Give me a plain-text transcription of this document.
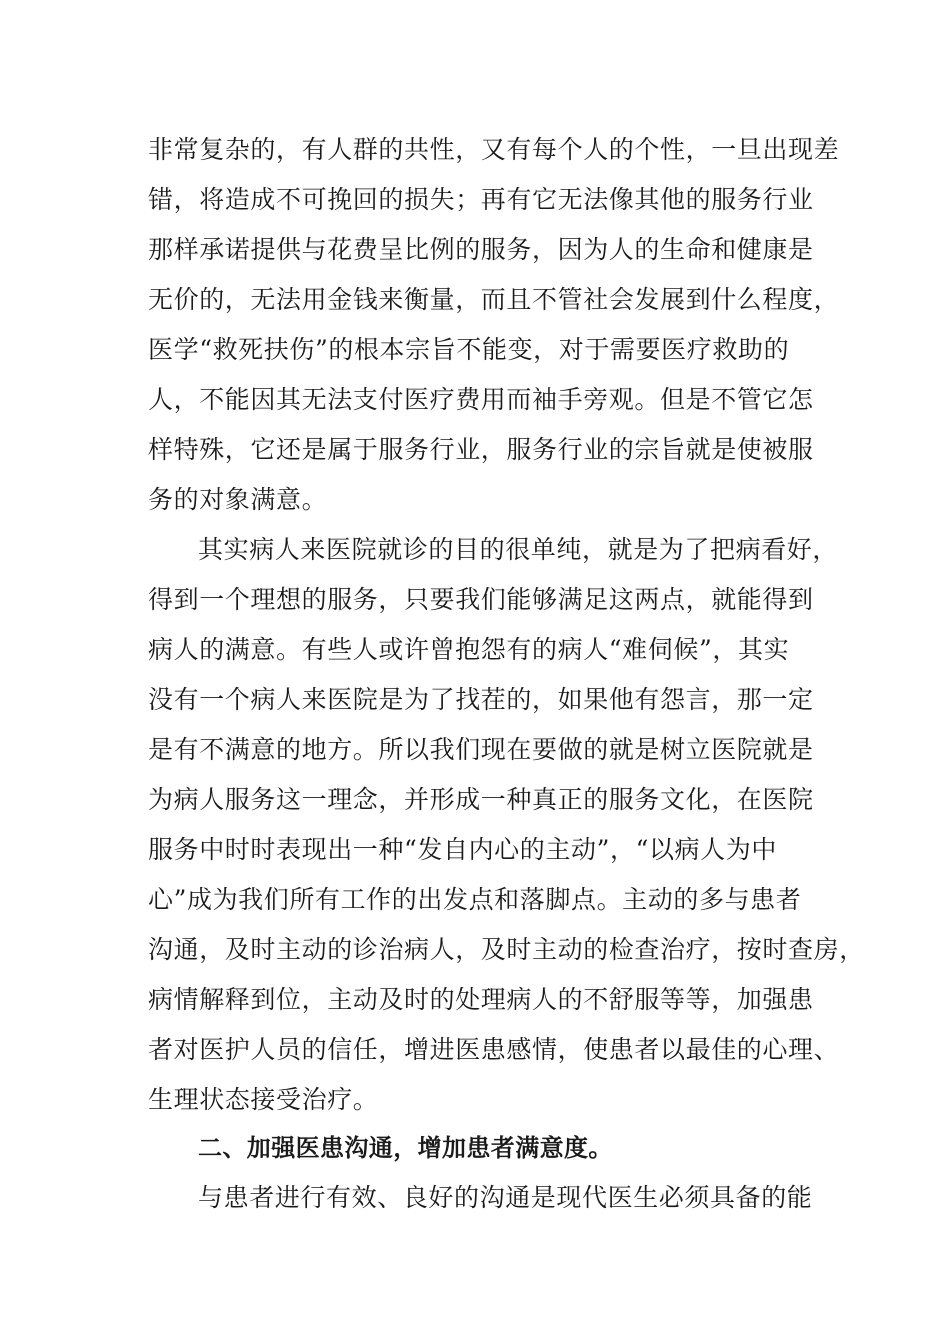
非常复杂的，有人群的共性，又有每个人的个性，一旦出现差
错，将造成不可挽回的损失；再有它无法像其他的服务行业
那样承诺提供与花费呈比例的服务，因为人的生命和健康是
无价的，无法用金钱来衡量，而且不管社会发展到什么程度，
医学“救死扶伤”的根本宗旨不能变，对于需要医疗救助的
人，不能因其无法支付医疗费用而袖手旁观。但是不管它怎
样特殊，它还是属于服务行业，服务行业的宗旨就是使被服
务的对象满意。
其实病人来医院就诊的目的很单纯，就是为了把病看好，
得到一个理想的服务，只要我们能够满足这两点，就能得到
病人的满意。有些人或许曾抱怨有的病人“难伺候”，其实
没有一个病人来医院是为了找茬的，如果他有怨言，那一定
是有不满意的地方。所以我们现在要做的就是树立医院就是
为病人服务这一理念，并形成一种真正的服务文化，在医院
服务中时时表现出一种“发自内心的主动”，“以病人为中
心”成为我们所有工作的出发点和落脚点。主动的多与患者
沟通，及时主动的诊治病人，及时主动的检查治疗，按时查房，
病情解释到位，主动及时的处理病人的不舒服等等，加强患
者对医护人员的信任，增进医患感情，使患者以最佳的心理、
生理状态接受治疗。
二、加强医患沟通，增加患者满意度。
与患者进行有效、良好的沟通是现代医生必须具备的能
